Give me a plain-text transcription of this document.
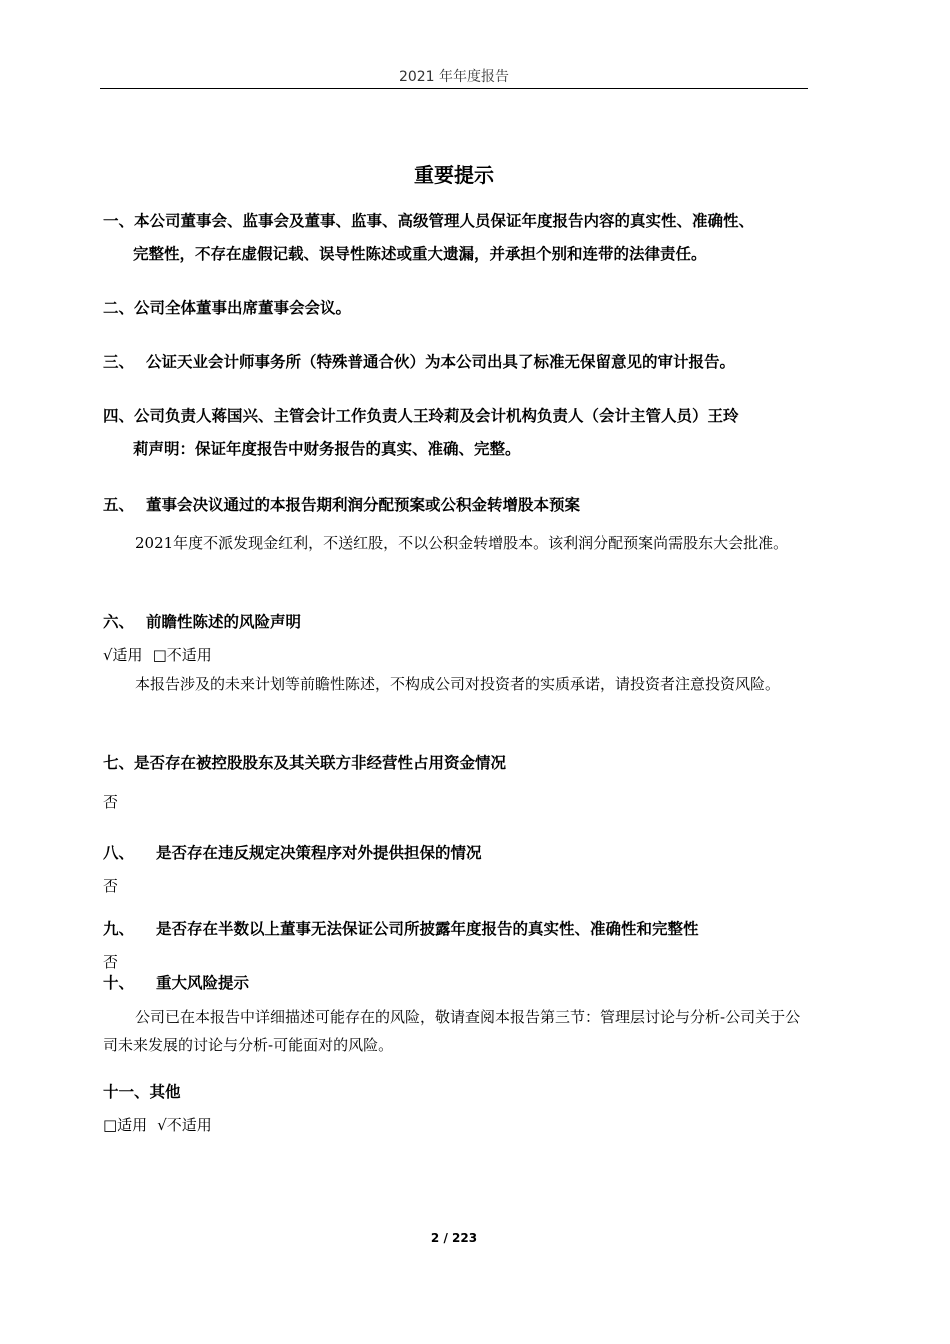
2021 年年度报告
重要提示
一、本公司董事会、监事会及董事、监事、高级管理人员保证年度报告内容的真实性、准确性、
完整性，不存在虚假记载、误导性陈述或重大遗漏，并承担个别和连带的法律责任。
二、公司全体董事出席董事会会议。
三、 公证天业会计师事务所（特殊普通合伙）为本公司出具了标准无保留意见的审计报告。
四、公司负责人蒋国兴、主管会计工作负责人王玲莉及会计机构负责人（会计主管人员）王玲
莉声明：保证年度报告中财务报告的真实、准确、完整。
五、 董事会决议通过的本报告期利润分配预案或公积金转增股本预案
2021年度不派发现金红利，不送红股，不以公积金转增股本。该利润分配预案尚需股东大会批准。
六、 前瞻性陈述的风险声明
√适用 □不适用
本报告涉及的未来计划等前瞻性陈述，不构成公司对投资者的实质承诺，请投资者注意投资风险。
七、是否存在被控股股东及其关联方非经营性占用资金情况
否
八、 是否存在违反规定决策程序对外提供担保的情况
否
九、 是否存在半数以上董事无法保证公司所披露年度报告的真实性、准确性和完整性
否
十、 重大风险提示
公司已在本报告中详细描述可能存在的风险，敬请查阅本报告第三节：管理层讨论与分析-公司关于公司未来发展的讨论与分析-可能面对的风险。
十一、其他
□适用 √不适用
2 / 223
